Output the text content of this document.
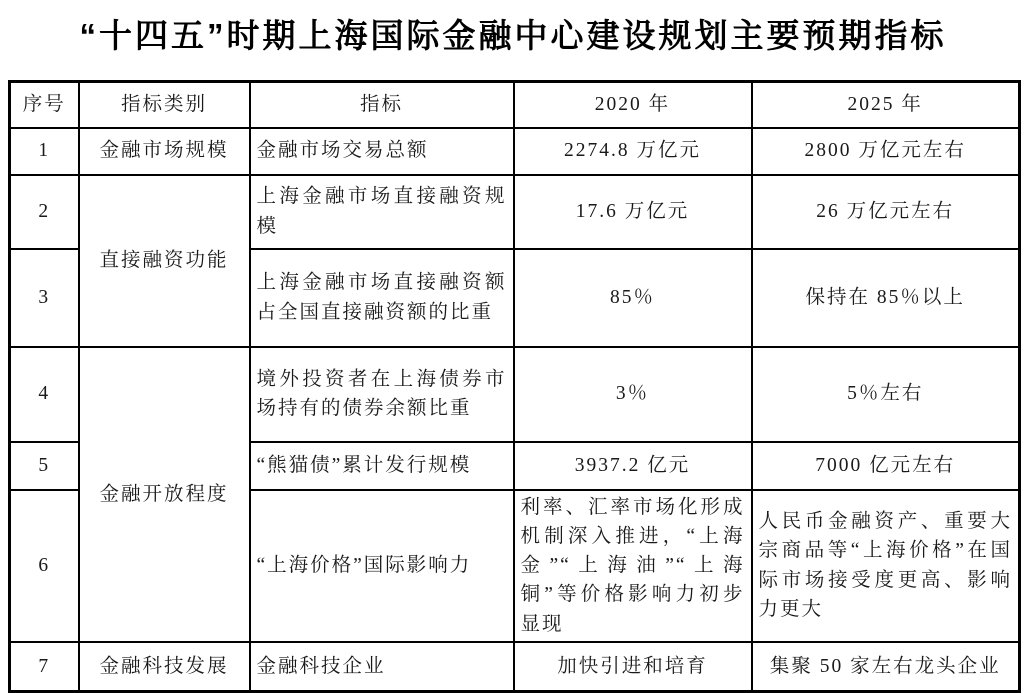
“十四五”时期上海国际金融中心建设规划主要预期指标
序号	指标类别	指标	2020 年	2025 年
1	金融市场规模	金融市场交易总额	2274.8 万亿元	2800 万亿元左右
2	直接融资功能	上海金融市场直接融资规模	17.6 万亿元	26 万亿元左右
3		上海金融市场直接融资额占全国直接融资额的比重	85％	保持在 85％以上
4	金融开放程度	境外投资者在上海债券市场持有的债券余额比重	3％	5％左右
5		“熊猫债”累计发行规模	3937.2 亿元	7000 亿元左右
6		“上海价格”国际影响力	利率、汇率市场化形成机制深入推进，“上海金”“上海油”“上海铜”等价格影响力初步显现	人民币金融资产、重要大宗商品等“上海价格”在国际市场接受度更高、影响力更大
7	金融科技发展	金融科技企业	加快引进和培育	集聚 50 家左右龙头企业
